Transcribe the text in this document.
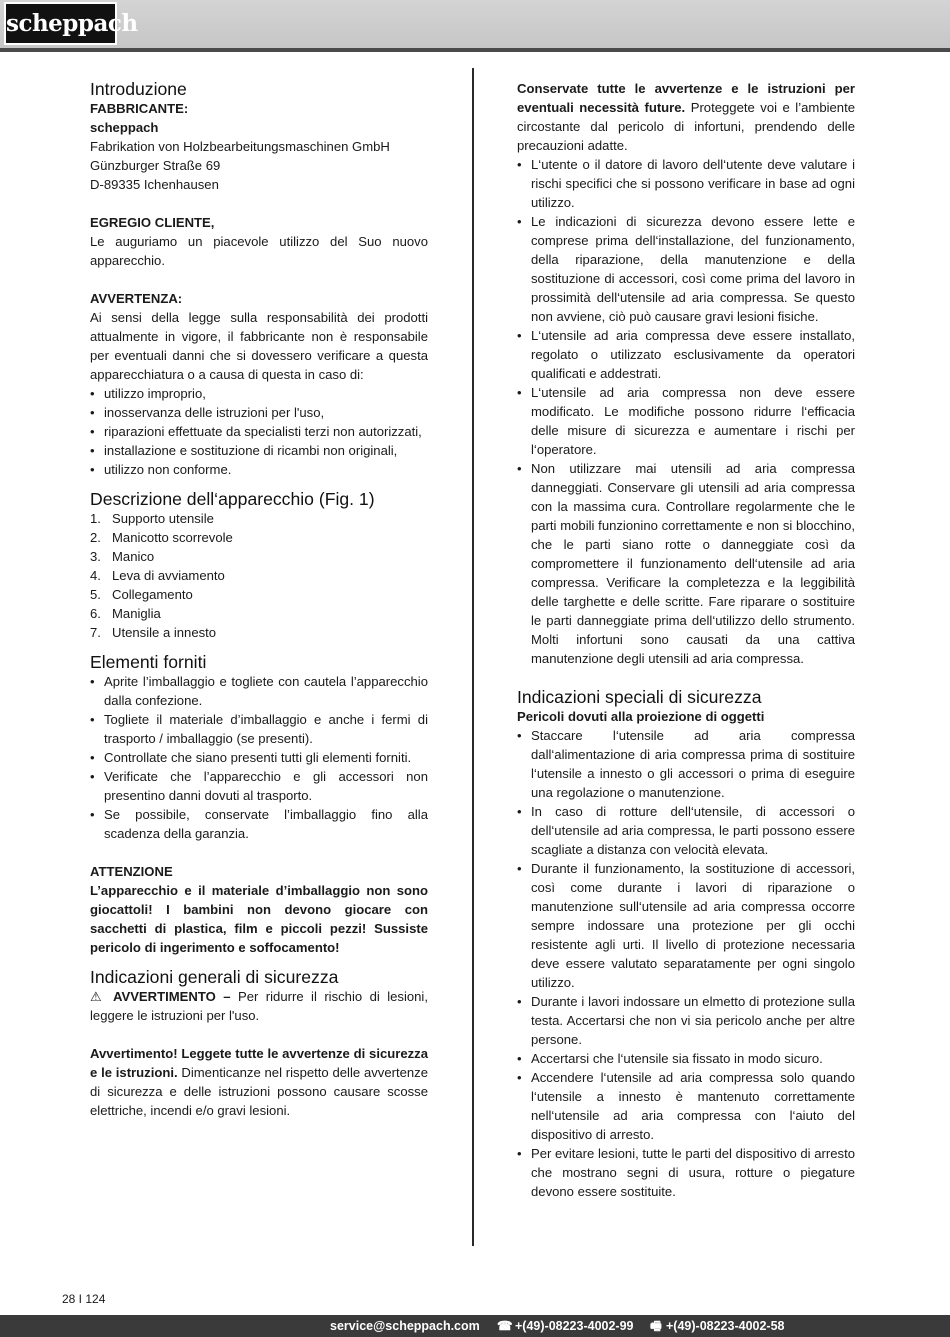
scheppach
Introduzione

FABBRICANTE:

scheppach

Fabrikation von Holzbearbeitungsmaschinen GmbH

Günzburger Straße 69

D-89335 Ichenhausen

EGREGIO CLIENTE,

Le auguriamo un piacevole utilizzo del Suo nuovo apparecchio.

AVVERTENZA:

Ai sensi della legge sulla responsabilità dei prodotti attualmente in vigore, il fabbricante non è responsabile per eventuali danni che si dovessero verificare a questa apparecchiatura o a causa di questa in caso di:

• utilizzo improprio,
• inosservanza delle istruzioni per l'uso,
• riparazioni effettuate da specialisti terzi non autorizzati,
• installazione e sostituzione di ricambi non originali,
• utilizzo non conforme.
Descrizione dell‘apparecchio (Fig. 1)
1. Supporto utensile
2. Manicotto scorrevole
3. Manico
4. Leva di avviamento
5. Collegamento
6. Maniglia
7. Utensile a innesto
Elementi forniti
• Aprite l’imballaggio e togliete con cautela l’apparecchio dalla confezione.
• Togliete il materiale d’imballaggio e anche i fermi di trasporto / imballaggio (se presenti).
• Controllate che siano presenti tutti gli elementi forniti.
• Verificate che l’apparecchio e gli accessori non presentino danni dovuti al trasporto.
• Se possibile, conservate l’imballaggio fino alla scadenza della garanzia.

ATTENZIONE

L’apparecchio e il materiale d’imballaggio non sono giocattoli! I bambini non devono giocare con sacchetti di plastica, film e piccoli pezzi! Sussiste pericolo di ingerimento e soffocamento!

Indicazioni generali di sicurezza

⚠ AVVERTIMENTO – Per ridurre il rischio di lesioni, leggere le istruzioni per l'uso.

Avvertimento! Leggete tutte le avvertenze di sicurezza e le istruzioni. Dimenticanze nel rispetto delle avvertenze di sicurezza e delle istruzioni possono causare scosse elettriche, incendi e/o gravi lesioni.

Conservate tutte le avvertenze e le istruzioni per eventuali necessità future. Proteggete voi e l’ambiente circostante dal pericolo di infortuni, prendendo delle precauzioni adatte.

• L‘utente o il datore di lavoro dell‘utente deve valutare i rischi specifici che si possono verificare in base ad ogni utilizzo.
• Le indicazioni di sicurezza devono essere lette e comprese prima dell‘installazione, del funzionamento, della riparazione, della manutenzione e della sostituzione di accessori, così come prima del lavoro in prossimità dell‘utensile ad aria compressa. Se questo non avviene, ciò può causare gravi lesioni fisiche.
• L‘utensile ad aria compressa deve essere installato, regolato o utilizzato esclusivamente da operatori qualificati e addestrati.
• L‘utensile ad aria compressa non deve essere modificato. Le modifiche possono ridurre l‘efficacia delle misure di sicurezza e aumentare i rischi per l‘operatore.
• Non utilizzare mai utensili ad aria compressa danneggiati. Conservare gli utensili ad aria compressa con la massima cura. Controllare regolarmente che le parti mobili funzionino correttamente e non si blocchino, che le parti siano rotte o danneggiate così da compromettere il funzionamento dell‘utensile ad aria compressa. Verificare la completezza e la leggibilità delle targhette e delle scritte. Fare riparare o sostituire le parti danneggiate prima dell‘utilizzo dello strumento. Molti infortuni sono causati da una cattiva manutenzione degli utensili ad aria compressa.
Indicazioni speciali di sicurezza

Pericoli dovuti alla proiezione di oggetti

• Staccare l‘utensile ad aria compressa dall‘alimentazione di aria compressa prima di sostituire l‘utensile a innesto o gli accessori o prima di eseguire una regolazione o manutenzione.
• In caso di rotture dell‘utensile, di accessori o dell‘utensile ad aria compressa, le parti possono essere scagliate a distanza con velocità elevata.
• Durante il funzionamento, la sostituzione di accessori, così come durante i lavori di riparazione o manutenzione sull‘utensile ad aria compressa occorre sempre indossare una protezione per gli occhi resistente agli urti. Il livello di protezione necessaria deve essere valutato separatamente per ogni singolo utilizzo.
• Durante i lavori indossare un elmetto di protezione sulla testa. Accertarsi che non vi sia pericolo anche per altre persone.
• Accertarsi che l‘utensile sia fissato in modo sicuro.
• Accendere l‘utensile ad aria compressa solo quando l‘utensile a innesto è mantenuto correttamente nell‘utensile ad aria compressa con l‘aiuto del dispositivo di arresto.
• Per evitare lesioni, tutte le parti del dispositivo di arresto che mostrano segni di usura, rotture o piegature devono essere sostituite.
28 I 124
service@scheppach.com ☎ +(49)-08223-4002-99 🖷 +(49)-08223-4002-58
